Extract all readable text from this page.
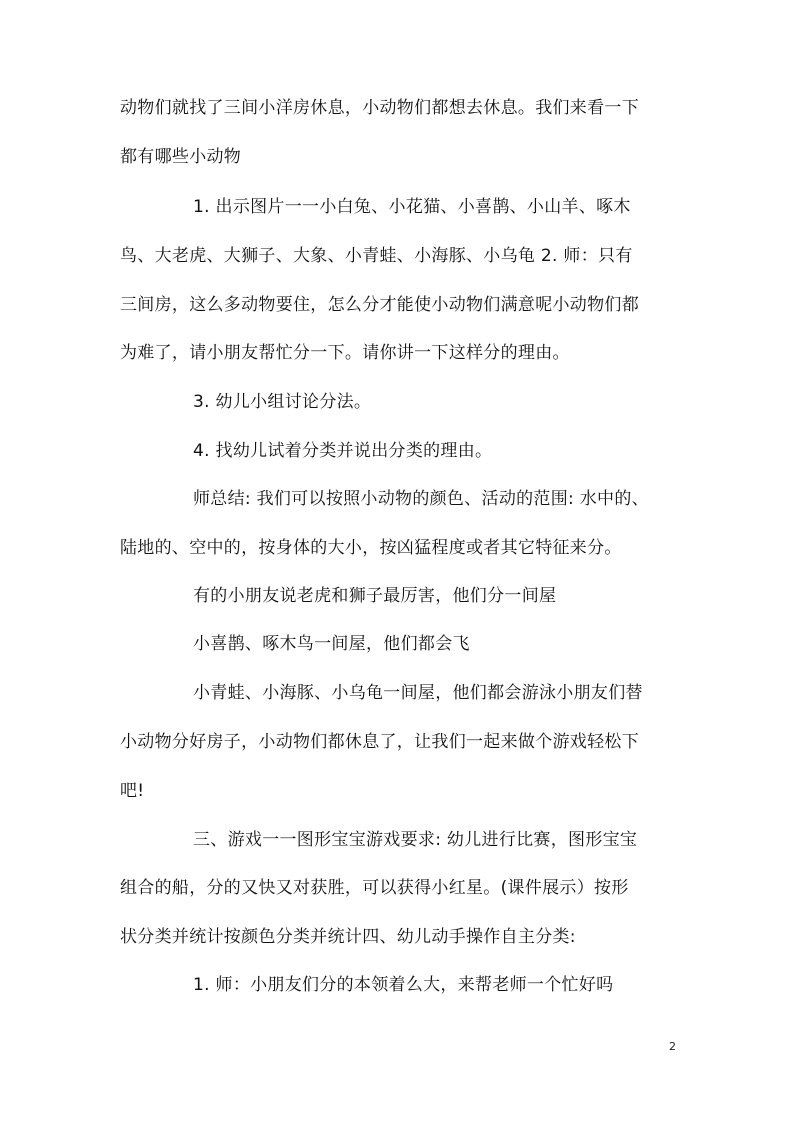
动物们就找了三间小洋房休息，小动物们都想去休息。我们来看一下
都有哪些小动物
1. 出示图片一一小白兔、小花猫、小喜鹊、小山羊、啄木
鸟、大老虎、大狮子、大象、小青蛙、小海豚、小乌龟 2. 师：只有
三间房，这么多动物要住，怎么分才能使小动物们满意呢小动物们都
为难了，请小朋友帮忙分一下。请你讲一下这样分的理由。
3. 幼儿小组讨论分法。
4. 找幼儿试着分类并说出分类的理由。
师总结: 我们可以按照小动物的颜色、活动的范围: 水中的、
陆地的、空中的，按身体的大小，按凶猛程度或者其它特征来分。
有的小朋友说老虎和狮子最厉害，他们分一间屋
小喜鹊、啄木鸟一间屋，他们都会飞
小青蛙、小海豚、小乌龟一间屋，他们都会游泳小朋友们替
小动物分好房子，小动物们都休息了，让我们一起来做个游戏轻松下
吧!
三、游戏一一图形宝宝游戏要求: 幼儿进行比赛，图形宝宝
组合的船，分的又快又对获胜，可以获得小红星。(课件展示）按形
状分类并统计按颜色分类并统计四、幼儿动手操作自主分类:
1. 师：小朋友们分的本领着么大，来帮老师一个忙好吗
2
